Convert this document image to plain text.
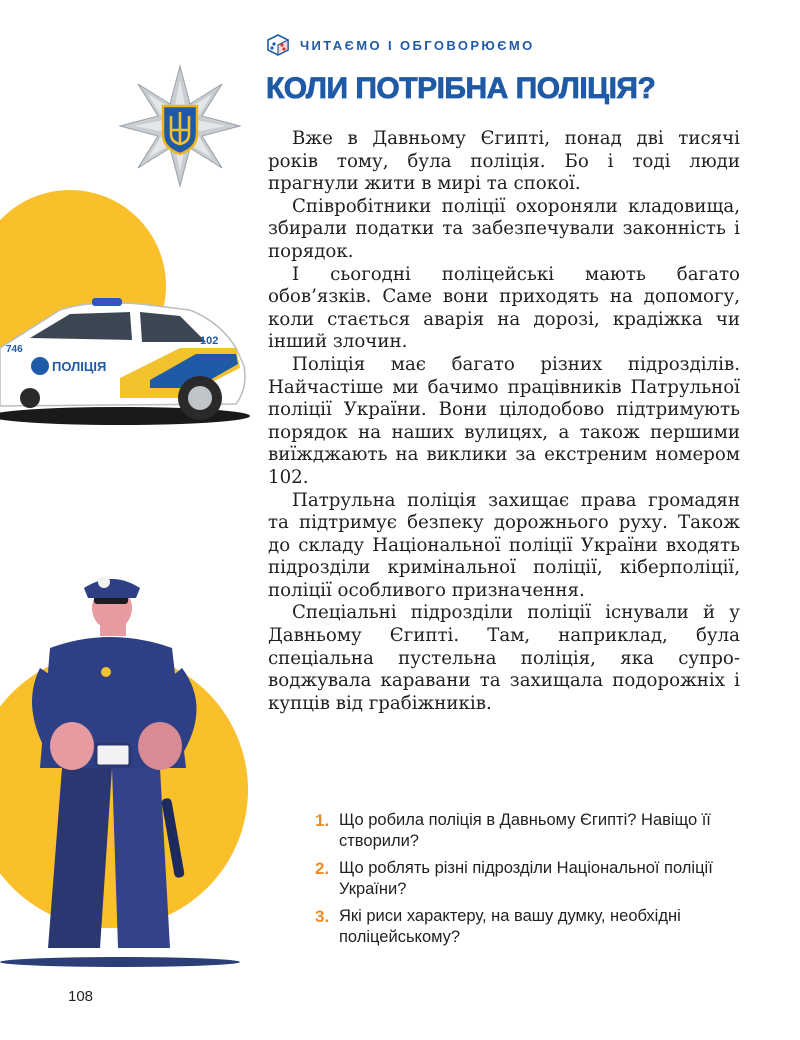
ЧИТАЄМО І ОБГОВОРЮЄМО
КОЛИ ПОТРІБНА ПОЛІЦІЯ?
ПОЛІЦІЯ
746
102

Вже в Давньому Єгипті, понад дві тисячі років тому, була поліція. Бо і тоді люди прагнули жити в мирі та спокої.

Співробітники поліції охороняли кладовища, збирали податки та забезпечували законність і порядок.

І сьогодні поліцейські мають багато обов’язків. Саме вони приходять на допомогу, коли стається аварія на дорозі, крадіжка чи інший злочин.

Поліція має багато різних підрозділів. Найчастіше ми бачимо працівників Патрульної поліції України. Вони цілодобово підтримують порядок на наших вулицях, а також першими виїжджають на виклики за екстреним номером 102.

Патрульна поліція захищає права громадян та підтримує безпеку дорожнього руху. Також до складу Національної поліції України входять підрозділи кримінальної поліції, кіберполіції, поліції особливого призначення.

Спеціальні підрозділи поліції існували й у Давньому Єгипті. Там, наприклад, була спеціальна пустельна поліція, яка супроводжувала каравани та захищала подорожніх і купців від грабіжників.

1. Що робила поліція в Давньому Єгипті? Навіщо її створили?
2. Що роблять різні підрозділи Національної поліції України?
3. Які риси характеру, на вашу думку, необхідні поліцейському?
108
